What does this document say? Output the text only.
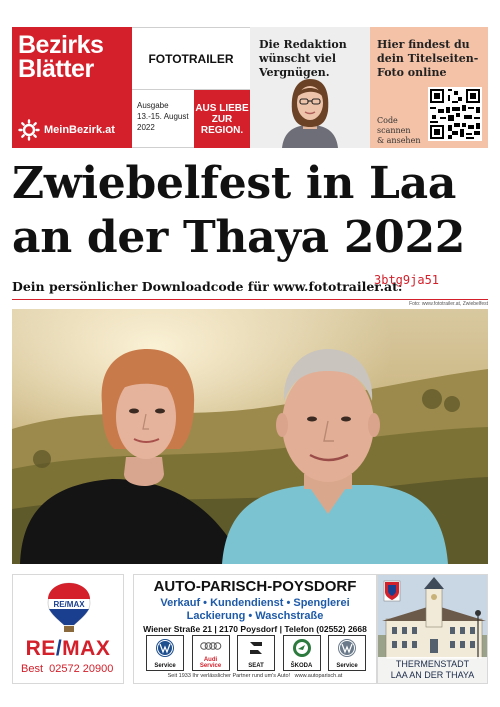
Bezirks
Blätter
MeinBezirk.at
FOTOTRAILER
Ausgabe
13.-15. August
2022
AUS LIEBE ZUR REGION.
Die Redaktion wünscht viel Vergnügen.
Hier findest du dein Titelseiten-Foto online
Code
scannen
& ansehen
Zwiebelfest in Laa
an der Thaya 2022
Dein persönlicher Downloadcode für www.fototrailer.at:
3btg9ja51
Foto: www.fototrailer.at, Zwiebelfest
RE/MAX
RE/MAX
Best  02572 20900
AUTO-PARISCH-POYSDORF
Verkauf • Kundendienst • Spenglerei
Lackierung • Waschstraße
Wiener Straße 21 | 2170 Poysdorf | Telefon (02552) 2668
Service
Audi Service	SEAT	ŠKODA	Service
Seit 1933 Ihr verlässlicher Partner rund um's Auto!   www.autoparisch.at
THERMENSTADT
LAA AN DER THAYA
